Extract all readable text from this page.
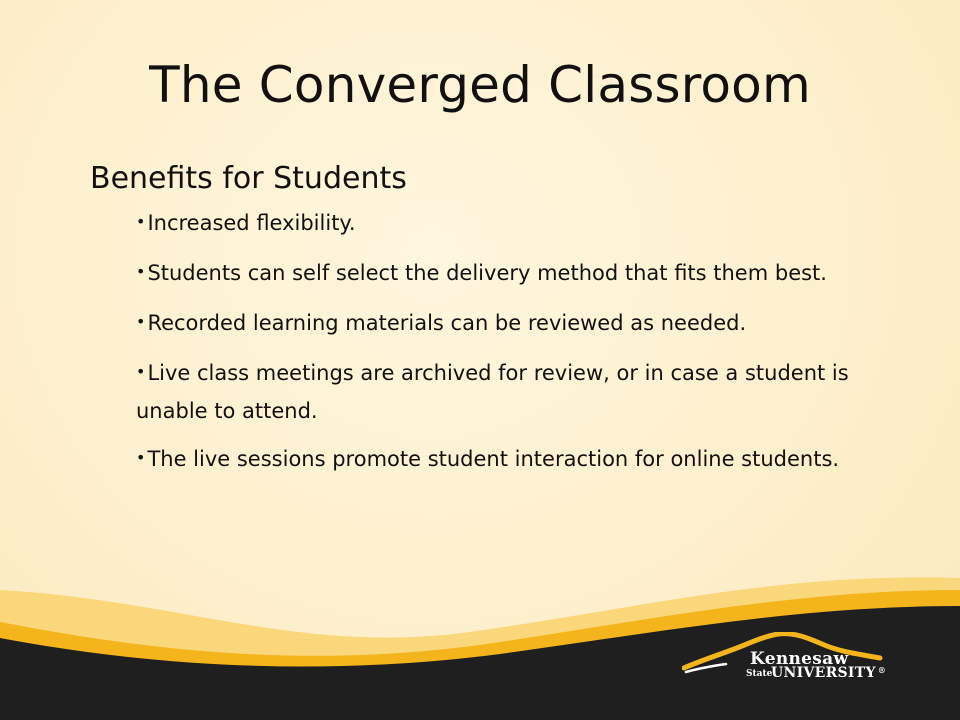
The Converged Classroom
Benefits for Students
•Increased flexibility.
•Students can self select the delivery method that fits them best.
•Recorded learning materials can be reviewed as needed.
•Live class meetings are archived for review, or in case a student is unable to attend.
•The live sessions promote student interaction for online students.
Kennesaw
State
UNIVERSITY ®
